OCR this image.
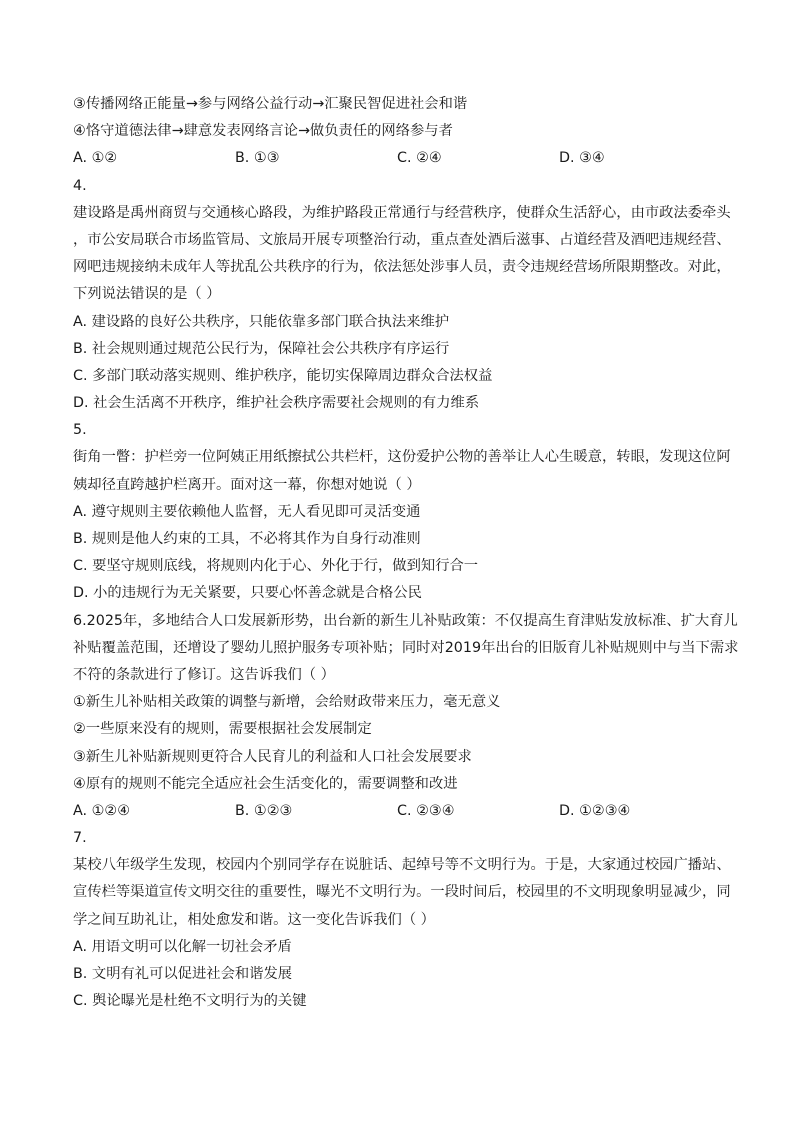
③传播网络正能量→参与网络公益行动→汇聚民智促进社会和谐
④恪守道德法律→肆意发表网络言论→做负责任的网络参与者
A. ①②	B. ①③	C. ②④	D. ③④
4.
建设路是禹州商贸与交通核心路段，为维护路段正常通行与经营秩序，使群众生活舒心，由市政法委牵头
，市公安局联合市场监管局、文旅局开展专项整治行动，重点查处酒后滋事、占道经营及酒吧违规经营、
网吧违规接纳未成年人等扰乱公共秩序的行为，依法惩处涉事人员，责令违规经营场所限期整改。对此，
下列说法错误的是（ ）
A. 建设路的良好公共秩序，只能依靠多部门联合执法来维护
B. 社会规则通过规范公民行为，保障社会公共秩序有序运行
C. 多部门联动落实规则、维护秩序，能切实保障周边群众合法权益
D. 社会生活离不开秩序，维护社会秩序需要社会规则的有力维系
5.
街角一瞥：护栏旁一位阿姨正用纸擦拭公共栏杆，这份爱护公物的善举让人心生暖意，转眼，发现这位阿
姨却径直跨越护栏离开。面对这一幕，你想对她说（ ）
A. 遵守规则主要依赖他人监督，无人看见即可灵活变通
B. 规则是他人约束的工具，不必将其作为自身行动准则
C. 要坚守规则底线，将规则内化于心、外化于行，做到知行合一
D. 小的违规行为无关紧要，只要心怀善念就是合格公民
6.2025年，多地结合人口发展新形势，出台新的新生儿补贴政策：不仅提高生育津贴发放标准、扩大育儿
补贴覆盖范围，还增设了婴幼儿照护服务专项补贴；同时对2019年出台的旧版育儿补贴规则中与当下需求
不符的条款进行了修订。这告诉我们（ ）
①新生儿补贴相关政策的调整与新增，会给财政带来压力，毫无意义
②一些原来没有的规则，需要根据社会发展制定
③新生儿补贴新规则更符合人民育儿的利益和人口社会发展要求
④原有的规则不能完全适应社会生活变化的，需要调整和改进
A. ①②④	B. ①②③	C. ②③④	D. ①②③④
7.
某校八年级学生发现，校园内个别同学存在说脏话、起绰号等不文明行为。于是，大家通过校园广播站、
宣传栏等渠道宣传文明交往的重要性，曝光不文明行为。一段时间后，校园里的不文明现象明显减少，同
学之间互助礼让，相处愈发和谐。这一变化告诉我们（ ）
A. 用语文明可以化解一切社会矛盾
B. 文明有礼可以促进社会和谐发展
C. 舆论曝光是杜绝不文明行为的关键
